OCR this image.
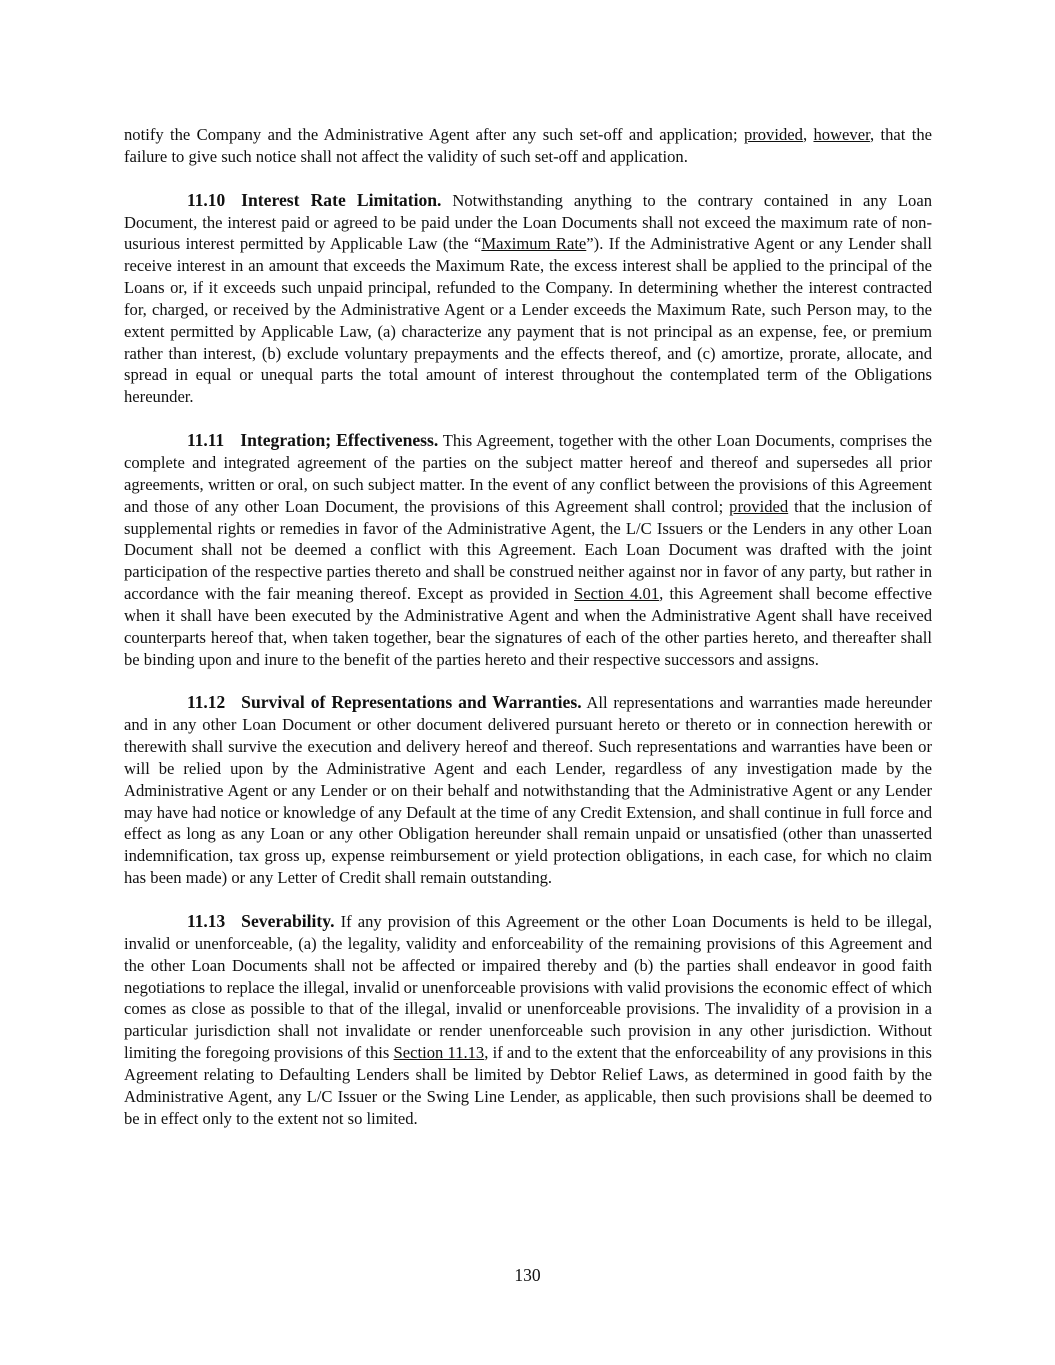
notify the Company and the Administrative Agent after any such set-off and application; provided, however, that the failure to give such notice shall not affect the validity of such set-off and application.

11.10 Interest Rate Limitation. Notwithstanding anything to the contrary contained in any Loan Document, the interest paid or agreed to be paid under the Loan Documents shall not exceed the maximum rate of non-usurious interest permitted by Applicable Law (the “Maximum Rate”). If the Administrative Agent or any Lender shall receive interest in an amount that exceeds the Maximum Rate, the excess interest shall be applied to the principal of the Loans or, if it exceeds such unpaid principal, refunded to the Company. In determining whether the interest contracted for, charged, or received by the Administrative Agent or a Lender exceeds the Maximum Rate, such Person may, to the extent permitted by Applicable Law, (a) characterize any payment that is not principal as an expense, fee, or premium rather than interest, (b) exclude voluntary prepayments and the effects thereof, and (c) amortize, prorate, allocate, and spread in equal or unequal parts the total amount of interest throughout the contemplated term of the Obligations hereunder.

11.11 Integration; Effectiveness. This Agreement, together with the other Loan Documents, comprises the complete and integrated agreement of the parties on the subject matter hereof and thereof and supersedes all prior agreements, written or oral, on such subject matter. In the event of any conflict between the provisions of this Agreement and those of any other Loan Document, the provisions of this Agreement shall control; provided that the inclusion of supplemental rights or remedies in favor of the Administrative Agent, the L/C Issuers or the Lenders in any other Loan Document shall not be deemed a conflict with this Agreement. Each Loan Document was drafted with the joint participation of the respective parties thereto and shall be construed neither against nor in favor of any party, but rather in accordance with the fair meaning thereof. Except as provided in Section 4.01, this Agreement shall become effective when it shall have been executed by the Administrative Agent and when the Administrative Agent shall have received counterparts hereof that, when taken together, bear the signatures of each of the other parties hereto, and thereafter shall be binding upon and inure to the benefit of the parties hereto and their respective successors and assigns.

11.12 Survival of Representations and Warranties. All representations and warranties made hereunder and in any other Loan Document or other document delivered pursuant hereto or thereto or in connection herewith or therewith shall survive the execution and delivery hereof and thereof. Such representations and warranties have been or will be relied upon by the Administrative Agent and each Lender, regardless of any investigation made by the Administrative Agent or any Lender or on their behalf and notwithstanding that the Administrative Agent or any Lender may have had notice or knowledge of any Default at the time of any Credit Extension, and shall continue in full force and effect as long as any Loan or any other Obligation hereunder shall remain unpaid or unsatisfied (other than unasserted indemnification, tax gross up, expense reimbursement or yield protection obligations, in each case, for which no claim has been made) or any Letter of Credit shall remain outstanding.

11.13 Severability. If any provision of this Agreement or the other Loan Documents is held to be illegal, invalid or unenforceable, (a) the legality, validity and enforceability of the remaining provisions of this Agreement and the other Loan Documents shall not be affected or impaired thereby and (b) the parties shall endeavor in good faith negotiations to replace the illegal, invalid or unenforceable provisions with valid provisions the economic effect of which comes as close as possible to that of the illegal, invalid or unenforceable provisions. The invalidity of a provision in a particular jurisdiction shall not invalidate or render unenforceable such provision in any other jurisdiction. Without limiting the foregoing provisions of this Section 11.13, if and to the extent that the enforceability of any provisions in this Agreement relating to Defaulting Lenders shall be limited by Debtor Relief Laws, as determined in good faith by the Administrative Agent, any L/C Issuer or the Swing Line Lender, as applicable, then such provisions shall be deemed to be in effect only to the extent not so limited.

130
